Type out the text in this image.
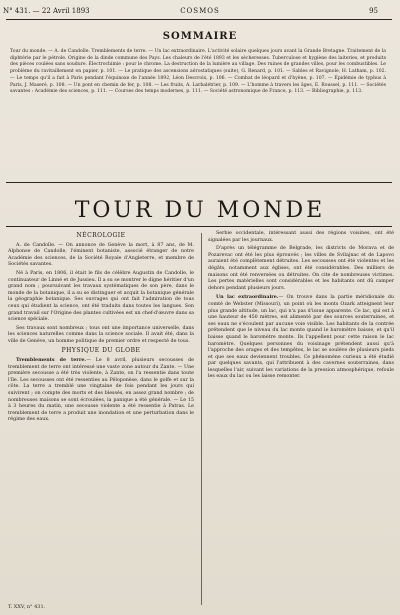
N° 431. — 22 Avril 1893	COSMOS	95
SOMMAIRE
Tour du monde. — A. de Candolle. Tremblements de terre. — Un lac extraordinaire. L'activité solaire quelques jours avant la Grande Bretagne. Traitement de la diphtérie par le pétrole. Origine de la dinde commune des Pays. Les chaleurs de l'été 1893 et les sécheresses. Tuberculose et hygiène des laiteries, et produits des pièces coulées sans soudure. Électrochimie : pour le chrome. La destruction de la lumière au village. Des ruines de grandes villes, pour les combustibles. Le problème du ravitaillement en papier, p. 101. — Le pratique des ascensions aérostatiques (suite), G. Renard, p. 101. — Sables et Ravignole, H. Latham, p. 102. — Le temps qu'il a fait à Paris pendant l'équinoxe de l'année 1892, Léon Descroix, p. 106. — Combat de léopard et d'hyène, p. 107. — Épidémie de typhus à Paris, J. Maseré, p. 108. — Un pont en chemin de fer, p. 108. — Les fruits, A. Larbalétrier, p. 109. — L'homme à travers les âges, E. Roussel, p. 111. — Sociétés savantes : Académie des sciences, p. 111. — Courses des temps modernes, p. 111. — Société astronomique de France, p. 113. — Bibliographie, p. 113.
TOUR DU MONDE
NÉCROLOGIE

A. de Candolle. — On annonce de Genève la mort, à 87 ans, de M. Alphonse de Candolle, l'éminent botaniste, associé étranger de notre Académie des sciences, de la Société Royale d'Angleterre, et membre de Sociétés savantes.

Né à Paris, en 1806, il était le fils de célèbre Augustin de Candolle, le continuateur de Linné et de Jussieu. Il a su se montrer le digne héritier d'un grand nom ; poursuivant les travaux systématiques de son père, dans le monde de la botanique, il a su se distinguer et acquit la botanique générale la géographie botanique. Ses ouvrages qui ont fait l'admiration de tous ceux qui étudient la science, ont été traduits dans toutes les langues. Son grand travail sur l'Origine des plantes cultivées est un chef-d'œuvre dans sa science spéciale.

Ses travaux sont nombreux ; tous ont une importance universelle, dans les sciences naturelles comme dans la science sociale. Il avait été, dans la ville de Genève, un homme politique de premier ordre et respecté de tous.

PHYSIQUE DU GLOBE

Tremblements de terre.— Le 8 avril, plusieurs secousses de tremblement de terre ont intéressé une vaste zone autour du Zante. — Une première secousse a été très violente, à Zante, on l'a ressentie dans toute l'île. Les secousses ont été ressenties au Péloponèse, dans le golfe et sur la côte. La terre a tremblé une vingtaine de fois pendant les jours qui suivirent ; on compte des morts et des blessés, en assez grand nombre ; de nombreuses maisons se sont écroulées, la panique a été générale. — Le 15 à 3 heures du matin, une secousse violente a été ressentie à Patras. Le tremblement de terre a produit une inondation et une perturbation dans le régime des eaux.

Serbie occidentale, intéressant aussi des régions voisines, ont été signalées par les journaux.

D'après un télégramme de Belgrade, les districts de Morava et de Pozarevac ont été les plus éprouvés ; les villes de Svilajnac et de Lapovo auraient été complètement détruites. Les secousses ont été violentes et les dégâts, notamment aux églises, ont été considérables. Des milliers de maisons ont été renversées ou détruites. On cite de nombreuses victimes. Les pertes matérielles sont considérables et les habitants ont dû camper dehors pendant plusieurs jours.

Un lac extraordinaire.— On trouve dans la partie méridionale du comté de Webster (Missouri), un point où les monts Ozark atteignent leur plus grande altitude, un lac, qui n'a pas d'issue apparente. Ce lac, qui est à une hauteur de 450 mètres, est alimenté par des sources souterraines, et ses eaux ne s'écoulent par aucune voie visible. Les habitants de la contrée prétendent que le niveau du lac monte quand le baromètre baisse, et qu'il baisse quand le baromètre monte. Ils l'appellent pour cette raison le lac baromètre. Quelques personnes du voisinage prétendent aussi qu'à l'approche des orages et des tempêtes, le lac se soulève de plusieurs pieds et que ses eaux deviennent troubles. Ce phénomène curieux a été étudié par quelques savants, qui l'attribuent à des cavernes souterraines, dans lesquelles l'air, suivant les variations de la pression atmosphérique, refoule les eaux du lac ou les laisse remonter.

T. XXV, n° 431.
